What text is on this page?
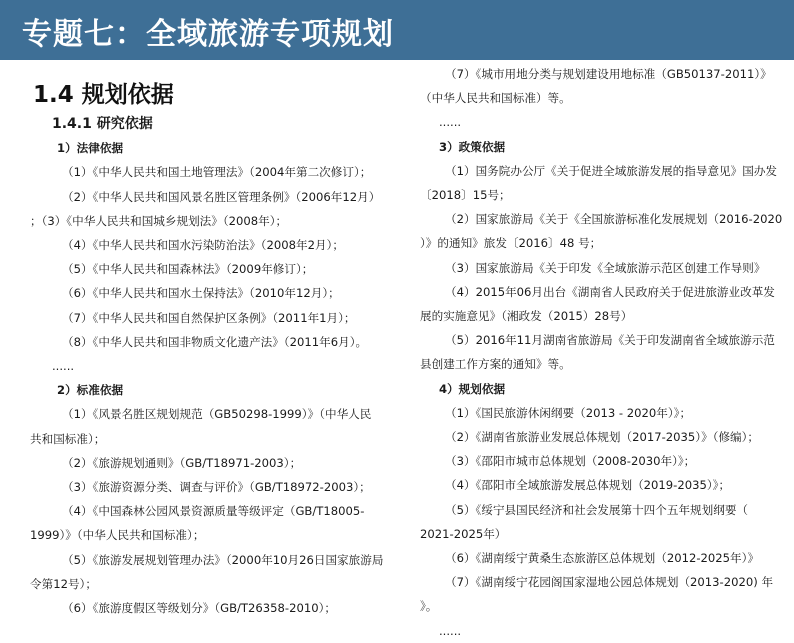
专题七：全域旅游专项规划
1.4 规划依据

1.4.1 研究依据

1）法律依据

（1）《中华人民共和国土地管理法》（2004年第二次修订）；

（2）《中华人民共和国风景名胜区管理条例》（2006年12月）

；（3）《中华人民共和国城乡规划法》（2008年）；

（4）《中华人民共和国水污染防治法》（2008年2月）；

（5）《中华人民共和国森林法》（2009年修订）；

（6）《中华人民共和国水土保持法》（2010年12月）；

（7）《中华人民共和国自然保护区条例》（2011年1月）；

（8）《中华人民共和国非物质文化遗产法》（2011年6月）。

......

2）标准依据

（1）《风景名胜区规划规范（GB50298-1999）》（中华人民

共和国标准）；

（2）《旅游规划通则》（GB/T18971-2003）；

（3）《旅游资源分类、调查与评价》（GB/T18972-2003）；

（4）《中国森林公园风景资源质量等级评定（GB/T18005-

1999）》（中华人民共和国标准）；

（5）《旅游发展规划管理办法》（2000年10月26日国家旅游局

令第12号）；

（6）《旅游度假区等级划分》（GB/T26358-2010）；

（7）《城市用地分类与规划建设用地标准（GB50137-2011）》

（中华人民共和国标准）等。

......

3）政策依据

（1）国务院办公厅《关于促进全域旅游发展的指导意见》国办发

〔2018〕15号；

（2）国家旅游局《关于《全国旅游标准化发展规划（2016-2020

）》的通知》旅发〔2016〕48 号；

（3）国家旅游局《关于印发《全域旅游示范区创建工作导则》

（4）2015年06月出台《湖南省人民政府关于促进旅游业改革发

展的实施意见》（湘政发（2015）28号）

（5）2016年11月湖南省旅游局《关于印发湖南省全域旅游示范

县创建工作方案的通知》等。

4）规划依据

（1）《国民旅游休闲纲要（2013 - 2020年）》；

（2）《湖南省旅游业发展总体规划（2017-2035）》（修编）；

（3）《邵阳市城市总体规划（2008-2030年）》；

（4）《邵阳市全域旅游发展总体规划（2019-2035）》；

（5）《绥宁县国民经济和社会发展第十四个五年规划纲要（

2021-2025年）

（6）《湖南绥宁黄桑生态旅游区总体规划（2012-2025年）》

（7）《湖南绥宁花园阁国家湿地公园总体规划（2013-2020) 年

》。

......
